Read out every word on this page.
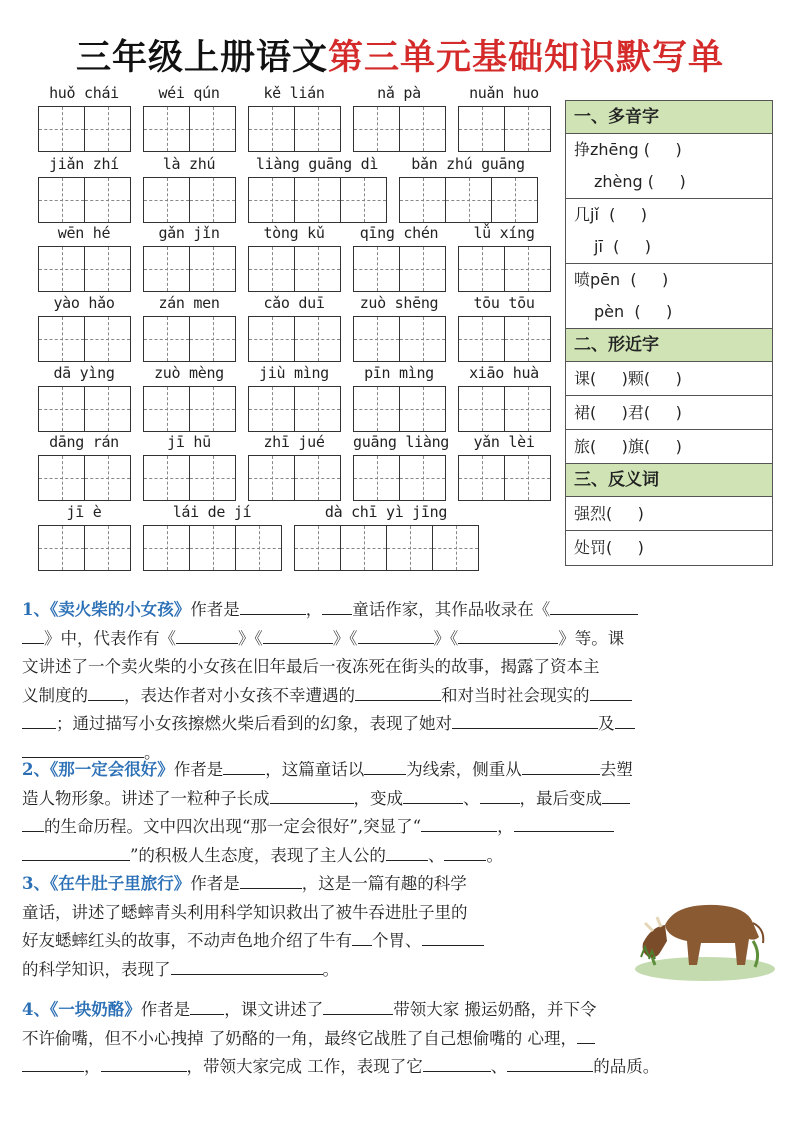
三年级上册语文第三单元基础知识默写单
huǒ chái	wéi qún	kě lián	nǎ pà	nuǎn huo
jiǎn zhí	là zhú	liàng guāng dì	bǎn zhú guāng
wēn hé	gǎn jǐn	tòng kǔ	qīng chén	lǚ xíng
yào hǎo	zán men	cǎo duī	zuò shēng	tōu tōu
dā yìng	zuò mèng	jiù mìng	pīn mìng	xiāo huà
dāng rán	jī hū	zhī jué	guāng liàng	yǎn lèi
jī è	lái de jí	dà chī yì jīng
一、多音字
挣zhēng (     )
zhèng (     )
几jǐ  (     )
jī  (     )
喷pēn  (     )
pèn  (     )
二、形近字
课(     )颗(     )
裙(     )君(     )
旅(     )旗(     )
三、反义词
强烈(     )
处罚(     )
1、《卖火柴的小女孩》作者是	， 童话作家，其作品收录在《
》中，代表作有《	》《	》《	》《	》等。课
文讲述了一个卖火柴的小女孩在旧年最后一夜冻死在街头的故事，揭露了资本主
义制度的 ，表达作者对小女孩不幸遭遇的	和对当时社会现实的
；通过描写小女孩擦燃火柴后看到的幻象，表现了她对	及
。
2、《那一定会很好》作者是	，这篇童话以	为线索，侧重从	去塑
造人物形象。讲述了一粒种子长成	，变成	、 ，最后变成
的生命历程。文中四次出现“那一定会很好”,突显了“	，
”的积极人生态度，表现了主人公的	、	。
3、《在牛肚子里旅行》作者是	，这是一篇有趣的科学
童话，讲述了蟋蟀青头利用科学知识救出了被牛吞进肚子里的
好友蟋蟀红头的故事，不动声色地介绍了牛有 个胃、
的科学知识，表现了	。
4、《一块奶酪》作者是 ，课文讲述了	带领大家 搬运奶酪，并下令
不许偷嘴，但不小心拽掉 了奶酪的一角，最终它战胜了自己想偷嘴的 心理，
，	，带领大家完成 工作，表现了它	、	的品质。
